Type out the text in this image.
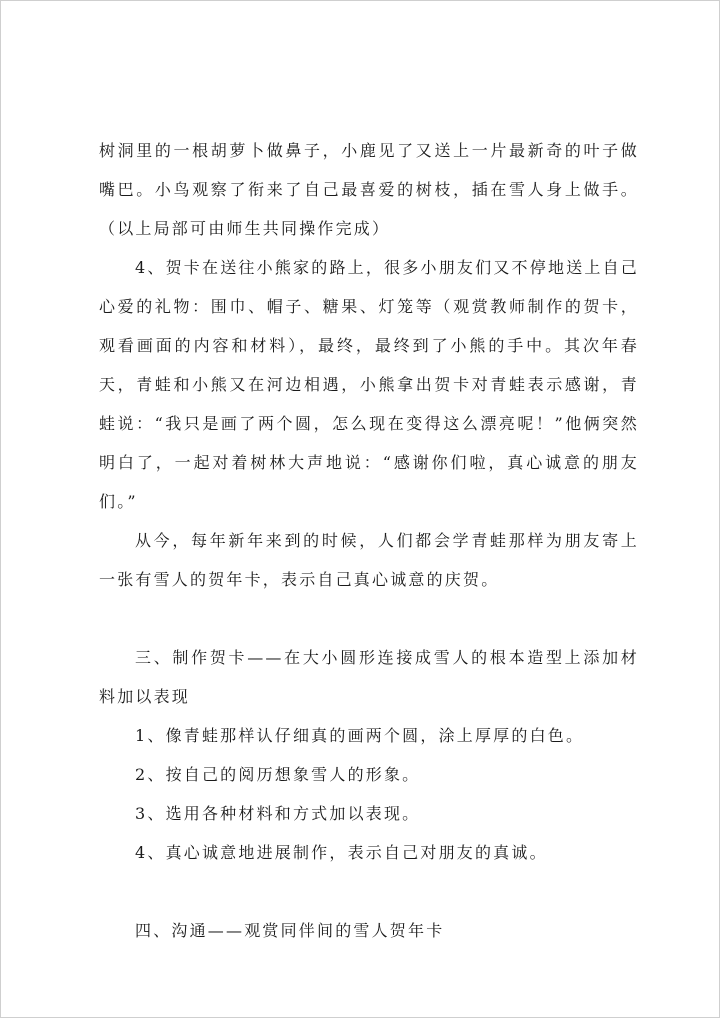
树洞里的一根胡萝卜做鼻子，小鹿见了又送上一片最新奇的叶子做嘴巴。小鸟观察了衔来了自己最喜爱的树枝，插在雪人身上做手。（以上局部可由师生共同操作完成）

4、贺卡在送往小熊家的路上，很多小朋友们又不停地送上自己心爱的礼物：围巾、帽子、糖果、灯笼等（观赏教师制作的贺卡，观看画面的内容和材料），最终，最终到了小熊的手中。其次年春天，青蛙和小熊又在河边相遇，小熊拿出贺卡对青蛙表示感谢，青蛙说：“我只是画了两个圆，怎么现在变得这么漂亮呢！”他俩突然明白了，一起对着树林大声地说：“感谢你们啦，真心诚意的朋友们。”

从今，每年新年来到的时候，人们都会学青蛙那样为朋友寄上一张有雪人的贺年卡，表示自己真心诚意的庆贺。

三、制作贺卡——在大小圆形连接成雪人的根本造型上添加材料加以表现

1、像青蛙那样认仔细真的画两个圆，涂上厚厚的白色。

2、按自己的阅历想象雪人的形象。

3、选用各种材料和方式加以表现。

4、真心诚意地进展制作，表示自己对朋友的真诚。

四、沟通——观赏同伴间的雪人贺年卡
